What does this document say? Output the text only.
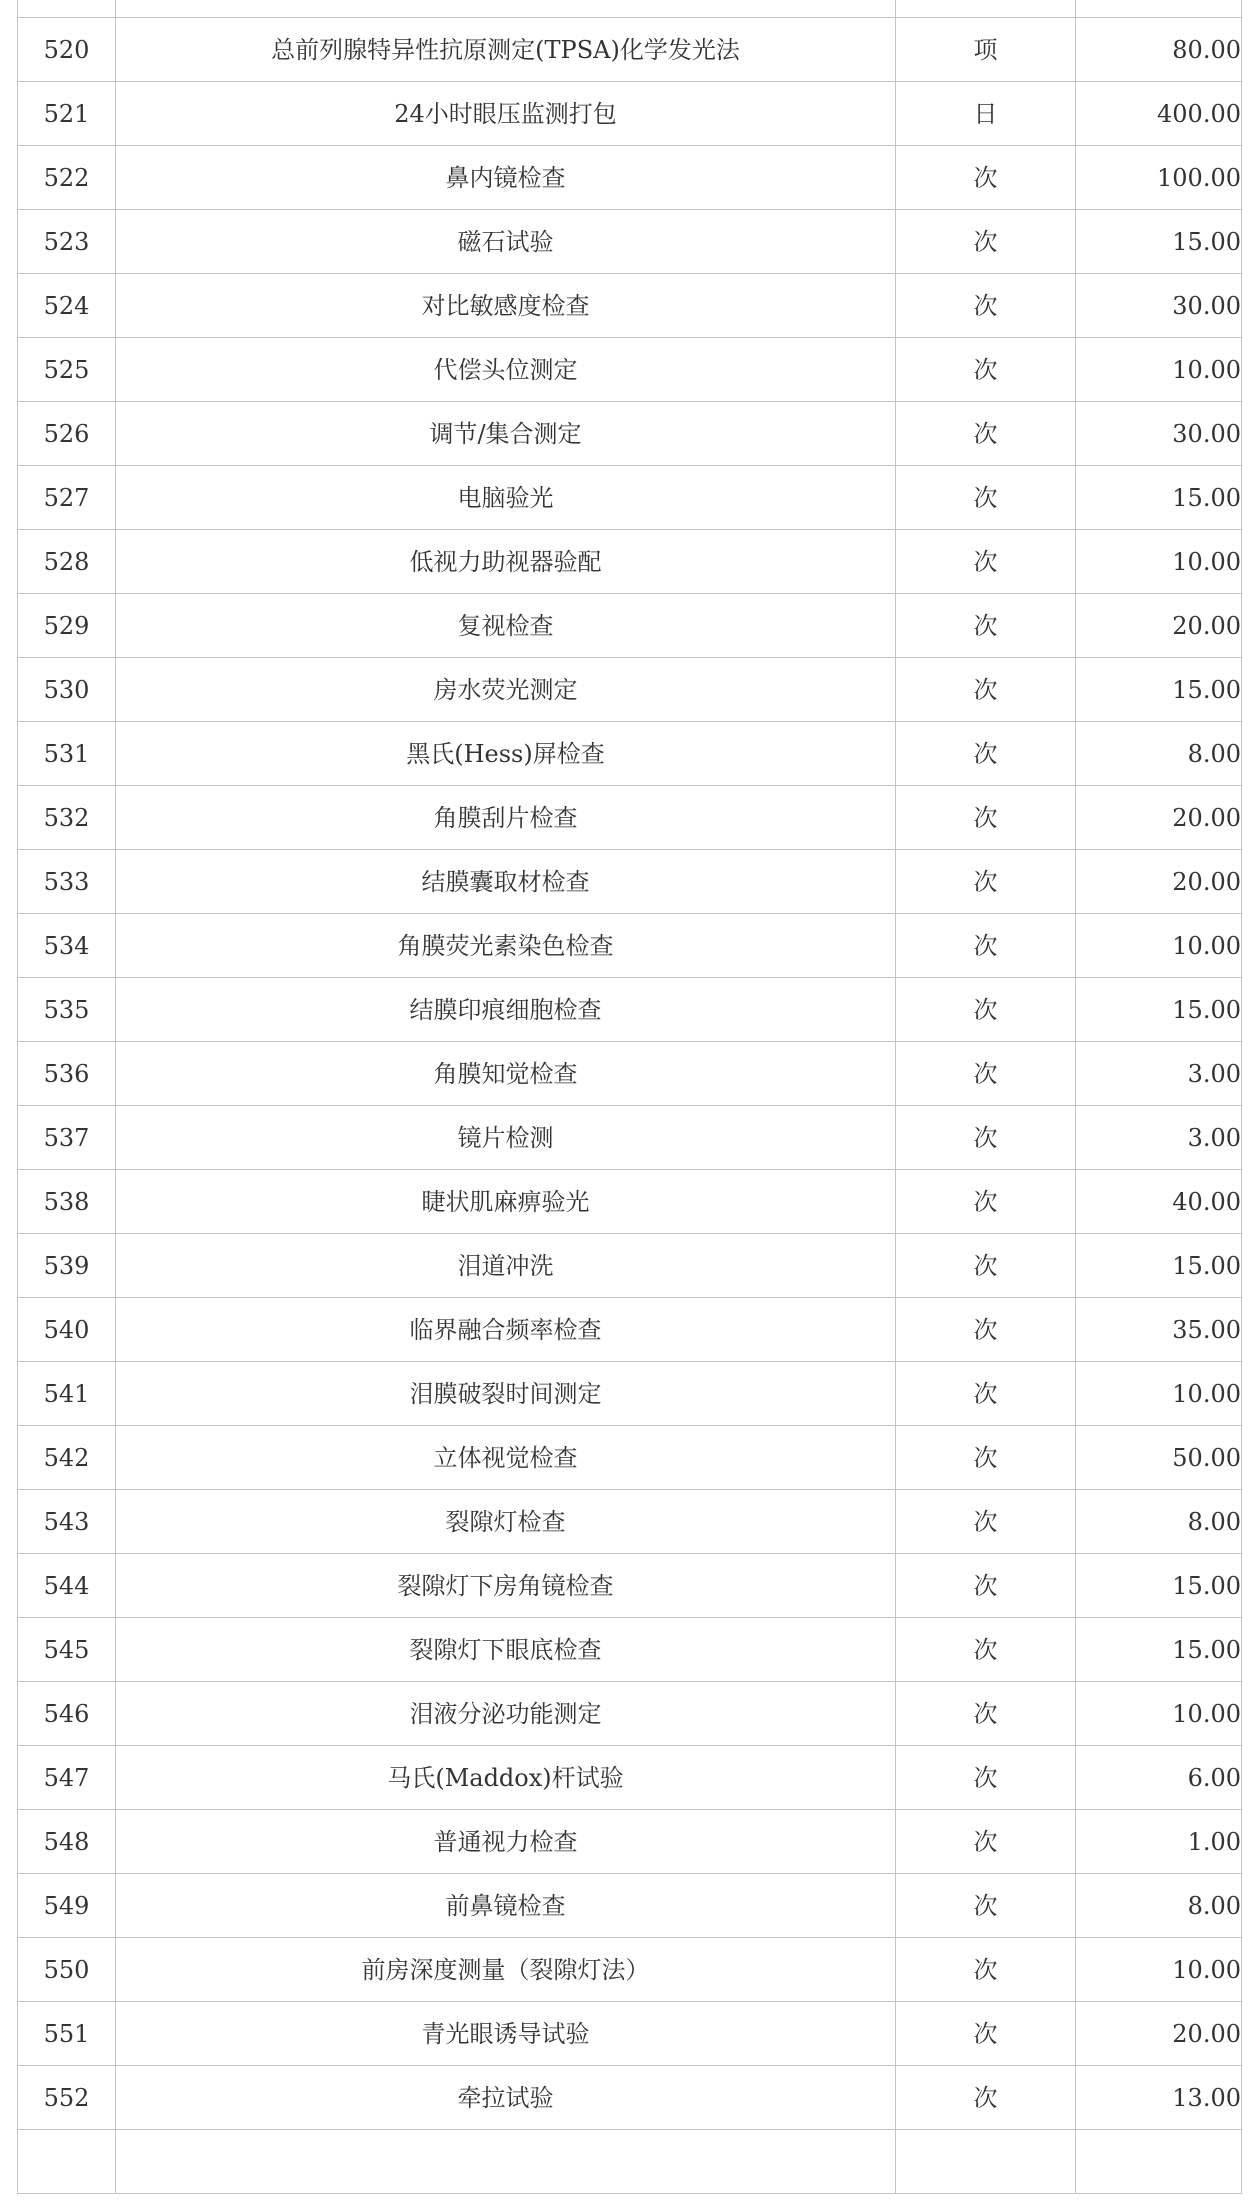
520	总前列腺特异性抗原测定(TPSA)化学发光法	项	80.00
521	24小时眼压监测打包	日	400.00
522	鼻内镜检查	次	100.00
523	磁石试验	次	15.00
524	对比敏感度检查	次	30.00
525	代偿头位测定	次	10.00
526	调节/集合测定	次	30.00
527	电脑验光	次	15.00
528	低视力助视器验配	次	10.00
529	复视检查	次	20.00
530	房水荧光测定	次	15.00
531	黑氏(Hess)屏检查	次	8.00
532	角膜刮片检查	次	20.00
533	结膜囊取材检查	次	20.00
534	角膜荧光素染色检查	次	10.00
535	结膜印痕细胞检查	次	15.00
536	角膜知觉检查	次	3.00
537	镜片检测	次	3.00
538	睫状肌麻痹验光	次	40.00
539	泪道冲洗	次	15.00
540	临界融合频率检查	次	35.00
541	泪膜破裂时间测定	次	10.00
542	立体视觉检查	次	50.00
543	裂隙灯检查	次	8.00
544	裂隙灯下房角镜检查	次	15.00
545	裂隙灯下眼底检查	次	15.00
546	泪液分泌功能测定	次	10.00
547	马氏(Maddox)杆试验	次	6.00
548	普通视力检查	次	1.00
549	前鼻镜检查	次	8.00
550	前房深度测量（裂隙灯法）	次	10.00
551	青光眼诱导试验	次	20.00
552	牵拉试验	次	13.00
